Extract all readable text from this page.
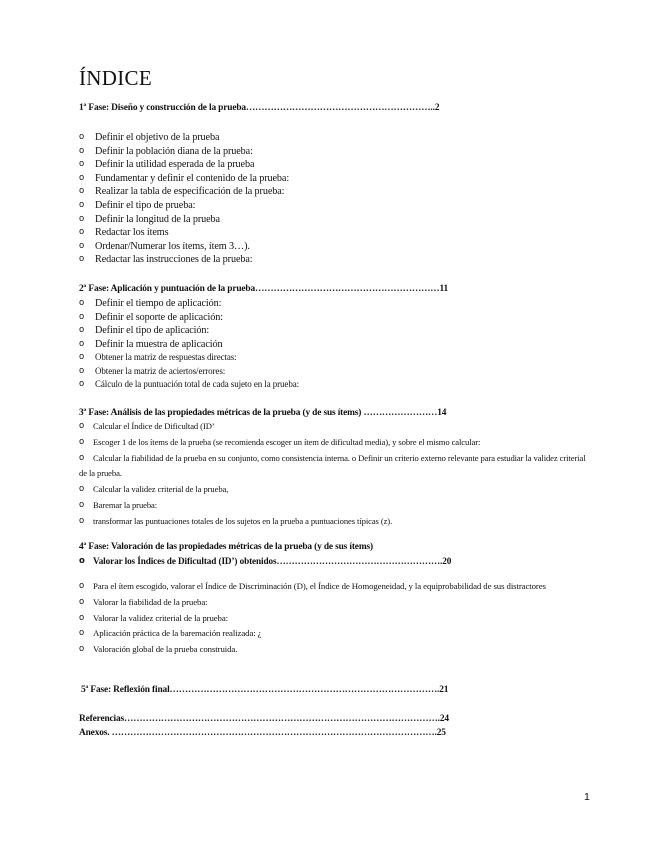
ÍNDICE
1ª Fase: Diseño y construcción de la prueba……………………………………………………..2
o Definir el objetivo de la prueba
o Definir la población diana de la prueba:
o Definir la utilidad esperada de la prueba
o Fundamentar y definir el contenido de la prueba:
o Realizar la tabla de especificación de la prueba:
o Definir el tipo de prueba:
o Definir la longitud de la prueba
o Redactar los ítems
o Ordenar/Numerar los ítems, ítem 3…).
o Redactar las instrucciones de la prueba:
2ª Fase: Aplicación y puntuación de la prueba……………………………………………………11
o Definir el tiempo de aplicación:
o Definir el soporte de aplicación:
o Definir el tipo de aplicación:
o Definir la muestra de aplicación
o Obtener la matriz de respuestas directas:
o Obtener la matriz de aciertos/errores:
o Cálculo de la puntuación total de cada sujeto en la prueba:
3ª Fase: Análisis de las propiedades métricas de la prueba (y de sus ítems) ……………………14
o Calcular el Índice de Dificultad (ID’
o Escoger 1 de los ítems de la prueba (se recomienda escoger un ítem de dificultad media), y sobre el mismo calcular:
o Calcular la fiabilidad de la prueba en su conjunto, como consistencia interna. o Definir un criterio externo relevante para estudiar la validez criterial de la prueba.
o Calcular la validez criterial de la prueba,
o Baremar la prueba:
o transformar las puntuaciones totales de los sujetos en la prueba a puntuaciones típicas (z).
4ª Fase: Valoración de las propiedades métricas de la prueba (y de sus ítems)
o Valorar los Índices de Dificultad (ID’) obtenidos……………………………………………….20
o Para el ítem escogido, valorar el Índice de Discriminación (D), el Índice de Homogeneidad, y la equiprobabilidad de sus distractores
o Valorar la fiabilidad de la prueba:
o Valorar la validez criterial de la prueba:
o Aplicación práctica de la baremación realizada: ¿
o Valoración global de la prueba construida.
5ª Fase: Reflexión final…………………………………………………………………………….21
Referencias………………………………………………………………………………………….24
Anexos. …………………………………………………………………………………………….25
1
